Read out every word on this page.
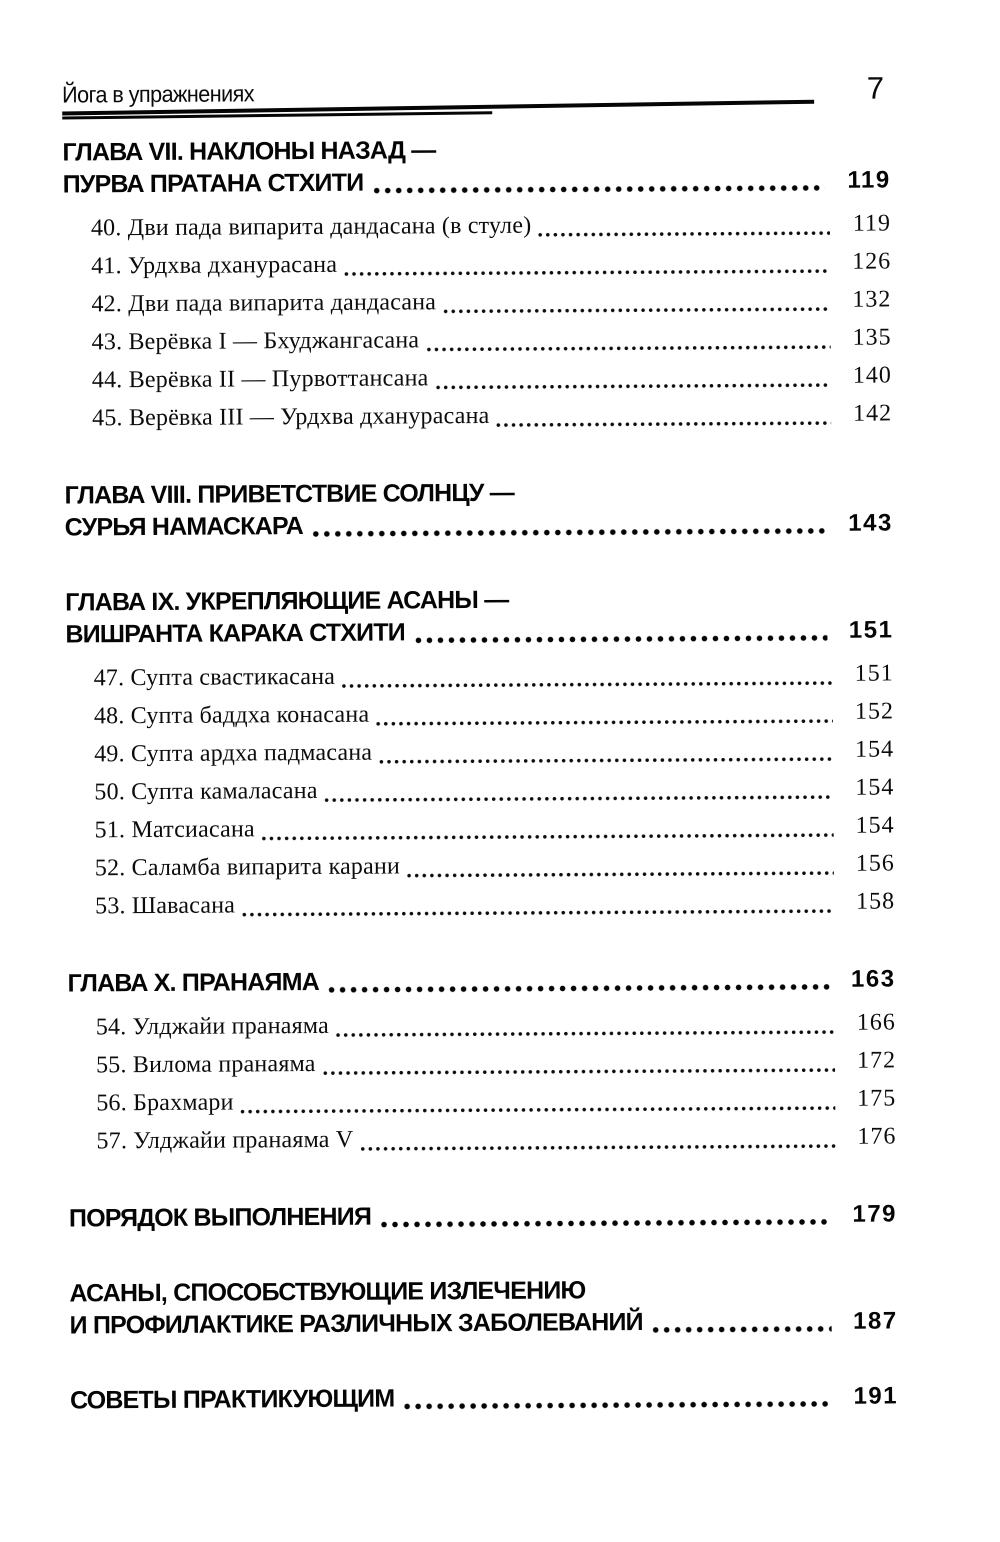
Йога в упражнениях	7
ГЛАВА VII. НАКЛОНЫ НАЗАД —
ПУРВА ПРАТАНА СТХИТИ	119
40. Дви пада випарита дандасана (в стуле)	119
41. Урдхва дханурасана	126
42. Дви пада випарита дандасана	132
43. Верёвка I — Бхуджангасана	135
44. Верёвка II — Пурвоттансана	140
45. Верёвка III — Урдхва дханурасана	142
ГЛАВА VIII. ПРИВЕТСТВИЕ СОЛНЦУ —
СУРЬЯ НАМАСКАРА	143
ГЛАВА IX. УКРЕПЛЯЮЩИЕ АСАНЫ —
ВИШРАНТА КАРАКА СТХИТИ	151
47. Супта свастикасана	151
48. Супта баддха конасана	152
49. Супта ардха падмасана	154
50. Супта камаласана	154
51. Матсиасана	154
52. Саламба випарита карани	156
53. Шавасана	158
ГЛАВА X. ПРАНАЯМА	163
54. Улджайи пранаяма	166
55. Вилома пранаяма	172
56. Брахмари	175
57. Улджайи пранаяма V	176
ПОРЯДОК ВЫПОЛНЕНИЯ	179
АСАНЫ, СПОСОБСТВУЮЩИЕ ИЗЛЕЧЕНИЮ
И ПРОФИЛАКТИКЕ РАЗЛИЧНЫХ ЗАБОЛЕВАНИЙ	187
СОВЕТЫ ПРАКТИКУЮЩИМ	191
